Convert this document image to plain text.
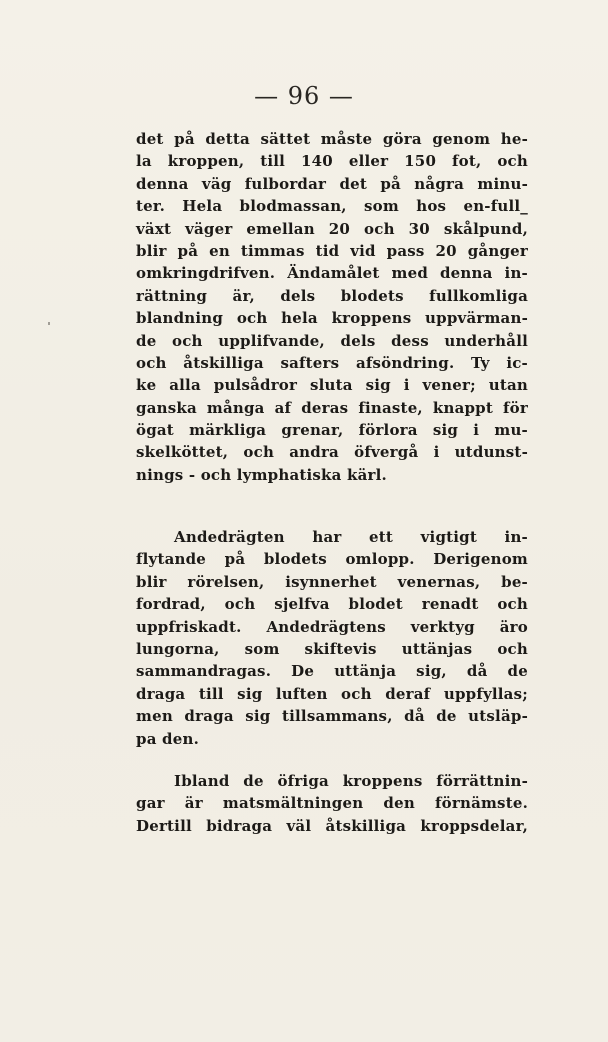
— 96 —
det på detta sättet måste göra genom he-
la kroppen, till 140 eller 150 fot, och
denna väg fulbordar det på några minu-
ter. Hela blodmassan, som hos en-full_
växt väger emellan 20 och 30 skålpund,
blir på en timmas tid vid pass 20 gånger
omkringdrifven. Ändamålet med denna in-
rättning är, dels blodets fullkomliga
blandning och hela kroppens uppvärman-
de och upplifvande, dels dess underhåll
och åtskilliga safters afsöndring. Ty ic-
ke alla pulsådror sluta sig i vener; utan
ganska många af deras finaste, knappt för
ögat märkliga grenar, förlora sig i mu-
skelköttet, och andra öfvergå i utdunst-
nings - och lymphatiska kärl.
Andedrägten har ett vigtigt in-
flytande på blodets omlopp. Derigenom
blir rörelsen, isynnerhet venernas, be-
fordrad, och sjelfva blodet renadt och
uppfriskadt. Andedrägtens verktyg äro
lungorna, som skiftevis uttänjas och
sammandragas. De uttänja sig, då de
draga till sig luften och deraf uppfyllas;
men draga sig tillsammans, då de utsläp-
pa den.
Ibland de öfriga kroppens förrättnin-
gar är matsmältningen den förnämste.
Dertill bidraga väl åtskilliga kroppsdelar,
